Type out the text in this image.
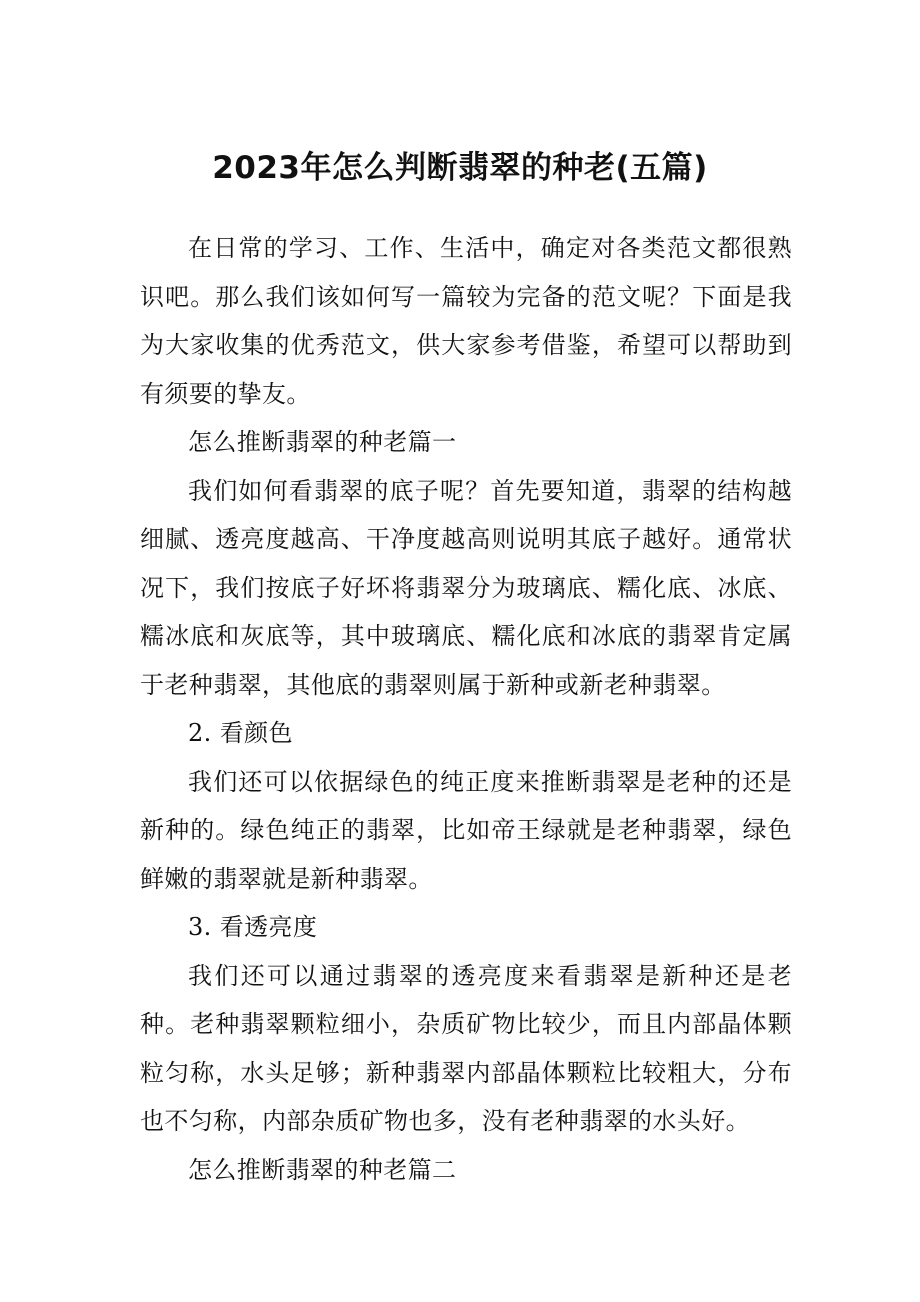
2023年怎么判断翡翠的种老(五篇)

在日常的学习、工作、生活中，确定对各类范文都很熟识吧。那么我们该如何写一篇较为完备的范文呢？下面是我为大家收集的优秀范文，供大家参考借鉴，希望可以帮助到有须要的挚友。

怎么推断翡翠的种老篇一

我们如何看翡翠的底子呢？首先要知道，翡翠的结构越细腻、透亮度越高、干净度越高则说明其底子越好。通常状况下，我们按底子好坏将翡翠分为玻璃底、糯化底、冰底、糯冰底和灰底等，其中玻璃底、糯化底和冰底的翡翠肯定属于老种翡翠，其他底的翡翠则属于新种或新老种翡翠。

2. 看颜色

我们还可以依据绿色的纯正度来推断翡翠是老种的还是新种的。绿色纯正的翡翠，比如帝王绿就是老种翡翠，绿色鲜嫩的翡翠就是新种翡翠。

3. 看透亮度

我们还可以通过翡翠的透亮度来看翡翠是新种还是老种。老种翡翠颗粒细小，杂质矿物比较少，而且内部晶体颗粒匀称，水头足够；新种翡翠内部晶体颗粒比较粗大，分布也不匀称，内部杂质矿物也多，没有老种翡翠的水头好。

怎么推断翡翠的种老篇二
